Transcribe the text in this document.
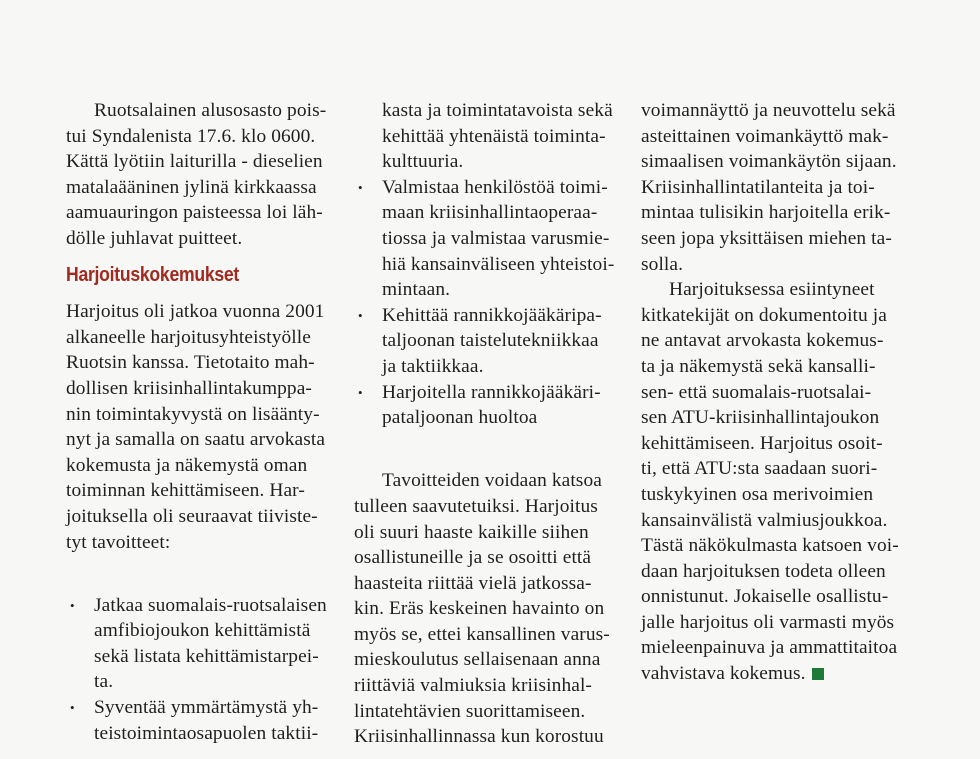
Ruotsalainen alusosasto pois-
tui Syndalenista 17.6. klo 0600.
Kättä lyötiin laiturilla - dieselien
matalaääninen jylinä kirkkaassa
aamuauringon paisteessa loi läh-
dölle juhlavat puitteet.
Harjoituskokemukset
Harjoitus oli jatkoa vuonna 2001
alkaneelle harjoitusyhteistyölle
Ruotsin kanssa. Tietotaito mah-
dollisen kriisinhallintakumppa-
nin toimintakyvystä on lisäänty-
nyt ja samalla on saatu arvokasta
kokemusta ja näkemystä oman
toiminnan kehittämiseen. Har-
joituksella oli seuraavat tiiviste-
tyt tavoitteet:
• Jatkaa suomalais-ruotsalaisen
amfibiojoukon kehittämistä
sekä listata kehittämistarpei-
ta.
• Syventää ymmärtämystä yh-
teistoimintaosapuolen taktii-
kasta ja toimintatavoista sekä
kehittää yhtenäistä toiminta-
kulttuuria.
• Valmistaa henkilöstöä toimi-
maan kriisinhallintaoperaa-
tiossa ja valmistaa varusmie-
hiä kansainväliseen yhteistoi-
mintaan.
• Kehittää rannikkojääkäripa-
taljoonan taistelutekniikkaa
ja taktiikkaa.
• Harjoitella rannikkojääkäri-
pataljoonan huoltoa
Tavoitteiden voidaan katsoa
tulleen saavutetuiksi. Harjoitus
oli suuri haaste kaikille siihen
osallistuneille ja se osoitti että
haasteita riittää vielä jatkossa-
kin. Eräs keskeinen havainto on
myös se, ettei kansallinen varus-
mieskoulutus sellaisenaan anna
riittäviä valmiuksia kriisinhal-
lintatehtävien suorittamiseen.
Kriisinhallinnassa kun korostuu
voimannäyttö ja neuvottelu sekä
asteittainen voimankäyttö mak-
simaalisen voimankäytön sijaan.
Kriisinhallintatilanteita ja toi-
mintaa tulisikin harjoitella erik-
seen jopa yksittäisen miehen ta-
solla.
Harjoituksessa esiintyneet
kitkatekijät on dokumentoitu ja
ne antavat arvokasta kokemus-
ta ja näkemystä sekä kansalli-
sen- että suomalais-ruotsalai-
sen ATU-kriisinhallintajoukon
kehittämiseen. Harjoitus osoit-
ti, että ATU:sta saadaan suori-
tuskykyinen osa merivoimien
kansainvälistä valmiusjoukkoa.
Tästä näkökulmasta katsoen voi-
daan harjoituksen todeta olleen
onnistunut. Jokaiselle osallistu-
jalle harjoitus oli varmasti myös
mieleenpainuva ja ammattitaitoa
vahvistava kokemus.
